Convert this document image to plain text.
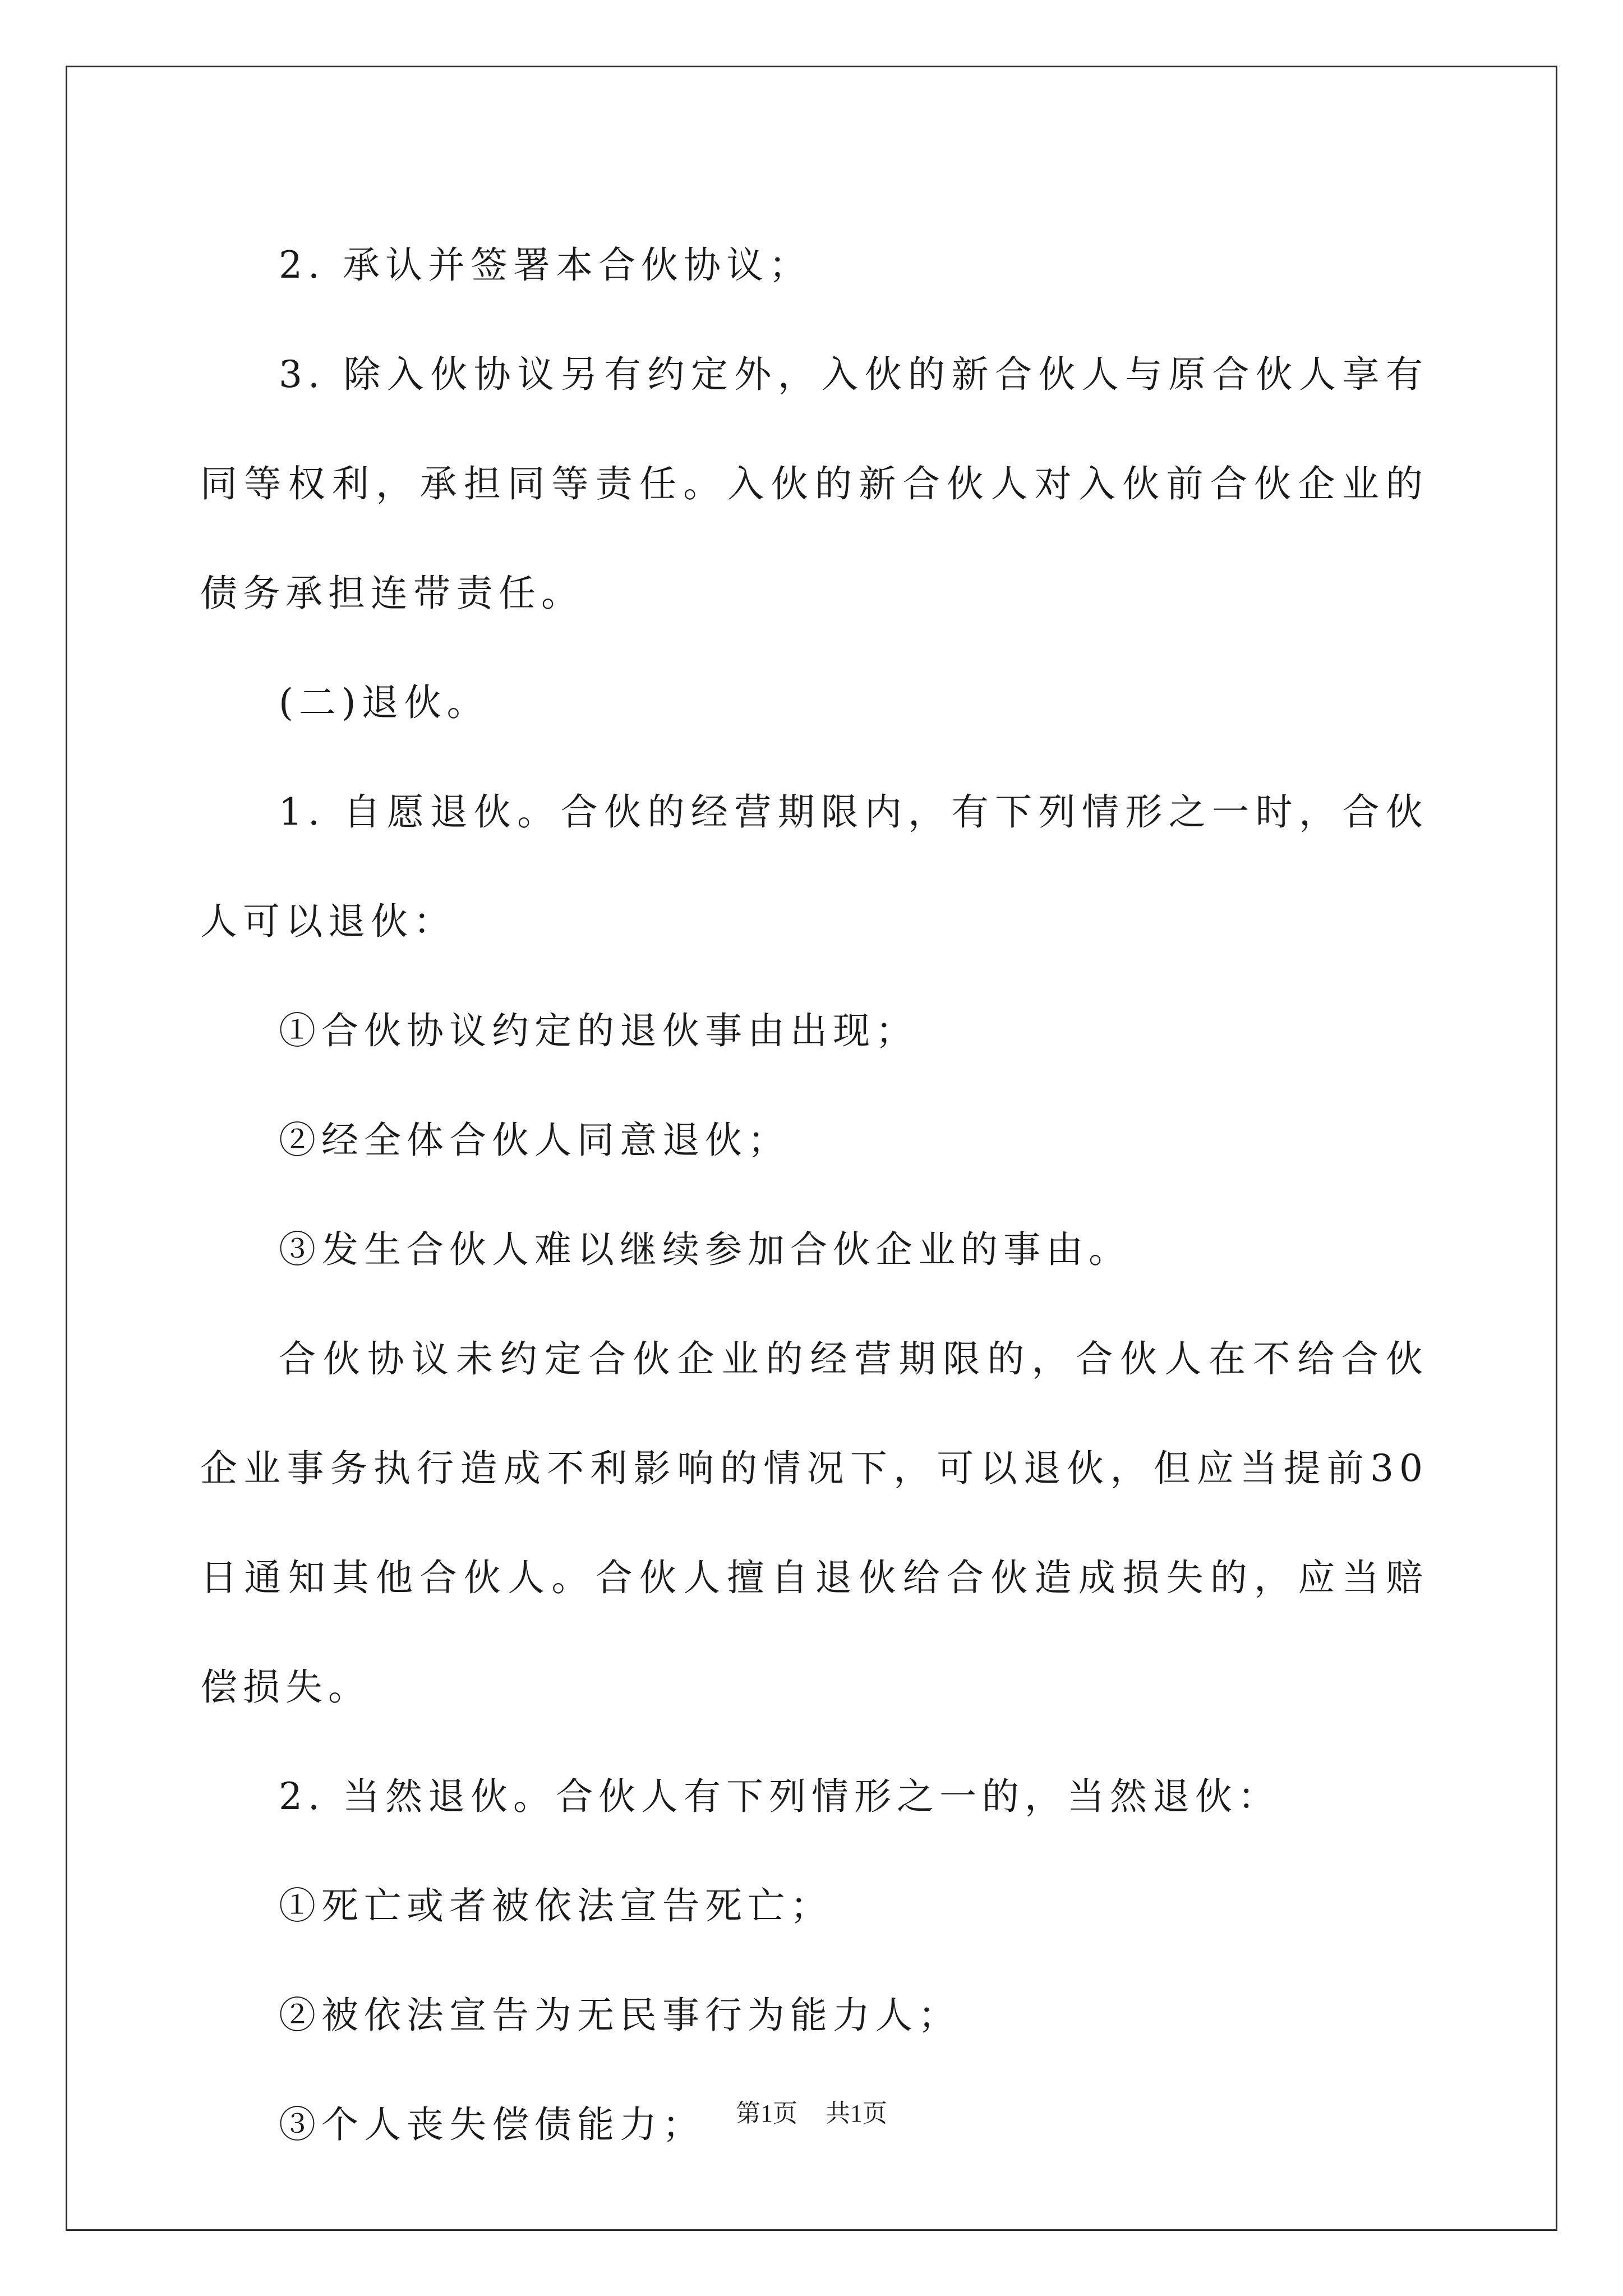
2. 承认并签署本合伙协议；

3. 除入伙协议另有约定外，入伙的新合伙人与原合伙人享有同等权利，承担同等责任。入伙的新合伙人对入伙前合伙企业的债务承担连带责任。

(二)退伙。

1. 自愿退伙。合伙的经营期限内，有下列情形之一时，合伙人可以退伙：

①合伙协议约定的退伙事由出现；

②经全体合伙人同意退伙；

③发生合伙人难以继续参加合伙企业的事由。

合伙协议未约定合伙企业的经营期限的，合伙人在不给合伙企业事务执行造成不利影响的情况下，可以退伙，但应当提前30日通知其他合伙人。合伙人擅自退伙给合伙造成损失的，应当赔偿损失。

2. 当然退伙。合伙人有下列情形之一的，当然退伙：

①死亡或者被依法宣告死亡；

②被依法宣告为无民事行为能力人；

③个人丧失偿债能力；	第1页 共1页
